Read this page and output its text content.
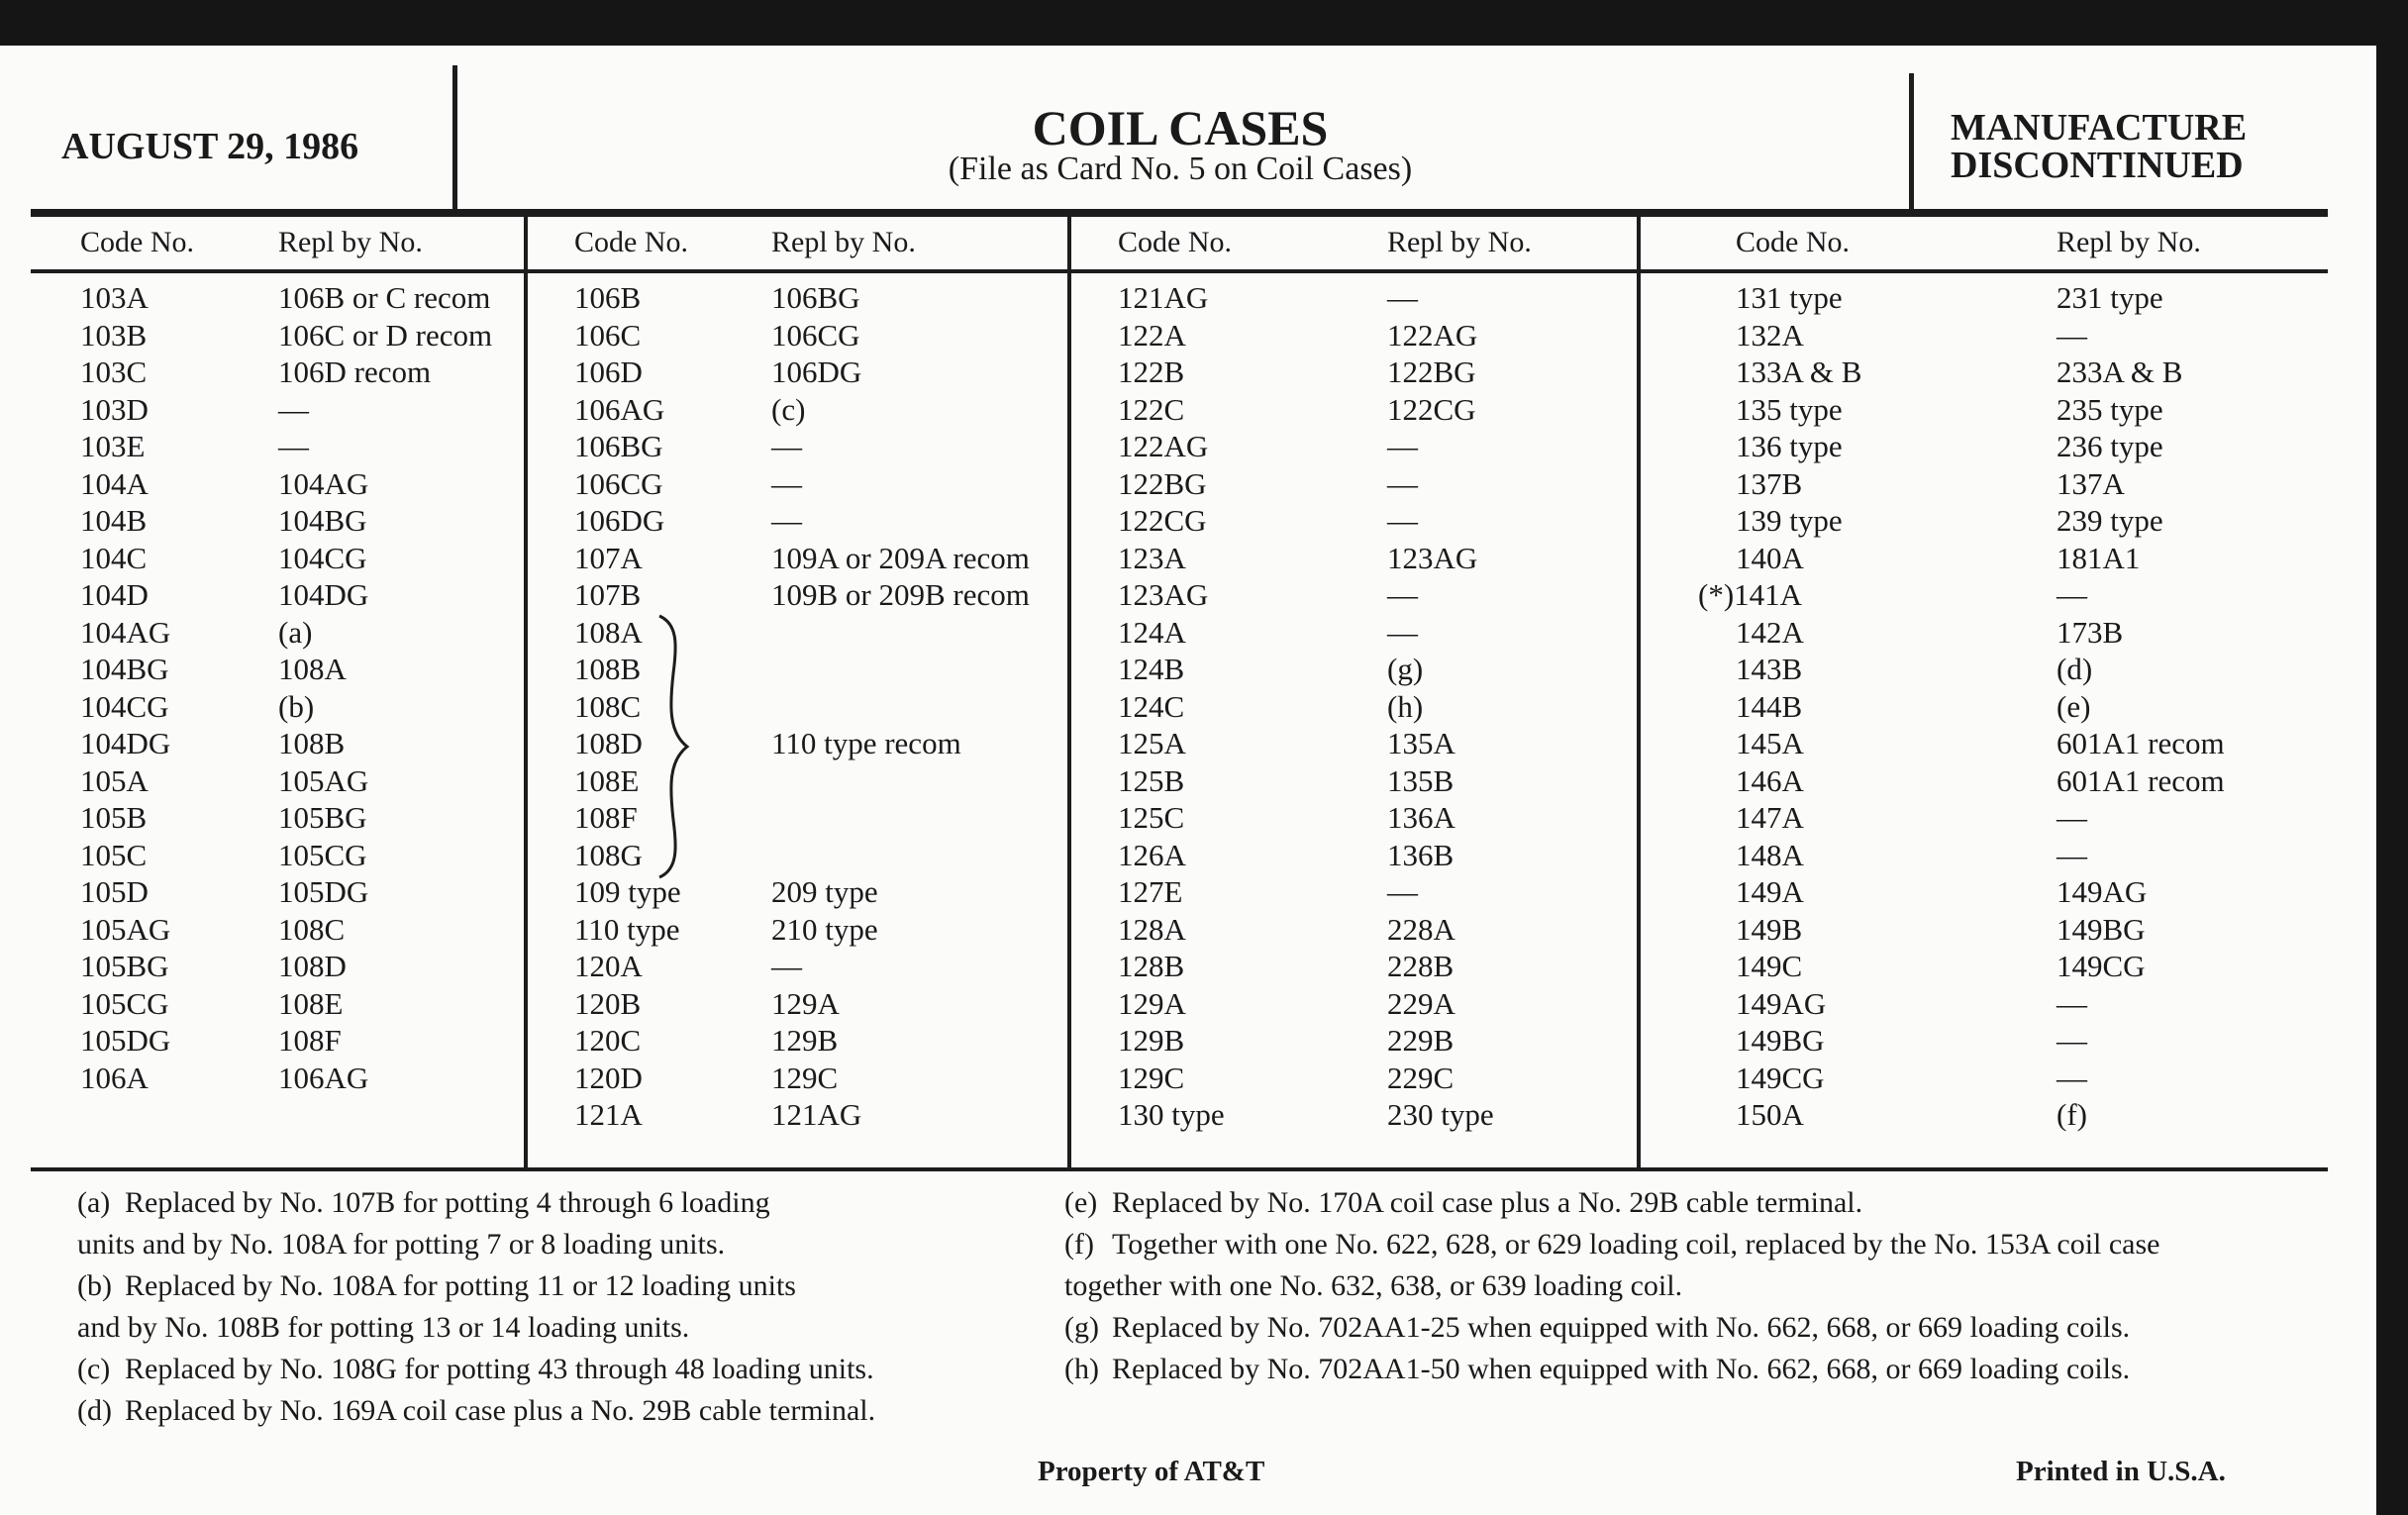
AUGUST 29, 1986	COIL CASES
(File as Card No. 5 on Coil Cases)
MANUFACTURE
DISCONTINUED
Code No.	Repl by No.
103A	106B or C recom
103B	106C or D recom
103C	106D recom
103D	—
103E	—
104A	104AG
104B	104BG
104C	104CG
104D	104DG
104AG	(a)
104BG	108A
104CG	(b)
104DG	108B
105A	105AG
105B	105BG
105C	105CG
105D	105DG
105AG	108C
105BG	108D
105CG	108E
105DG	108F
106A	106AG
Code No.	Repl by No.
106B	106BG
106C	106CG
106D	106DG
106AG	(c)
106BG	—
106CG	—
106DG	—
107A	109A or 209A recom
107B	109B or 209B recom
108A
108B
108C
108D	110 type recom
108E
108F
108G
109 type	209 type
110 type	210 type
120A	—
120B	129A
120C	129B
120D	129C
121A	121AG
Code No.	Repl by No.
121AG	—
122A	122AG
122B	122BG
122C	122CG
122AG	—
122BG	—
122CG	—
123A	123AG
123AG	—
124A	—
124B	(g)
124C	(h)
125A	135A
125B	135B
125C	136A
126A	136B
127E	—
128A	228A
128B	228B
129A	229A
129B	229B
129C	229C
130 type	230 type
Code No.	Repl by No.
131 type	231 type
132A	—
133A & B	233A & B
135 type	235 type
136 type	236 type
137B	137A
139 type	239 type
140A	181A1
(*)141A	—
142A	173B
143B	(d)
144B	(e)
145A	601A1 recom
146A	601A1 recom
147A	—
148A	—
149A	149AG
149B	149BG
149C	149CG
149AG	—
149BG	—
149CG	—
150A	(f)
(a) Replaced by No. 107B for potting 4 through 6 loading
units and by No. 108A for potting 7 or 8 loading units.
(b) Replaced by No. 108A for potting 11 or 12 loading units
and by No. 108B for potting 13 or 14 loading units.
(c) Replaced by No. 108G for potting 43 through 48 loading units.
(d) Replaced by No. 169A coil case plus a No. 29B cable terminal.
(e) Replaced by No. 170A coil case plus a No. 29B cable terminal.
(f) Together with one No. 622, 628, or 629 loading coil, replaced by the No. 153A coil case
together with one No. 632, 638, or 639 loading coil.
(g) Replaced by No. 702AA1-25 when equipped with No. 662, 668, or 669 loading coils.
(h) Replaced by No. 702AA1-50 when equipped with No. 662, 668, or 669 loading coils.
Property of AT&T	Printed in U.S.A.
